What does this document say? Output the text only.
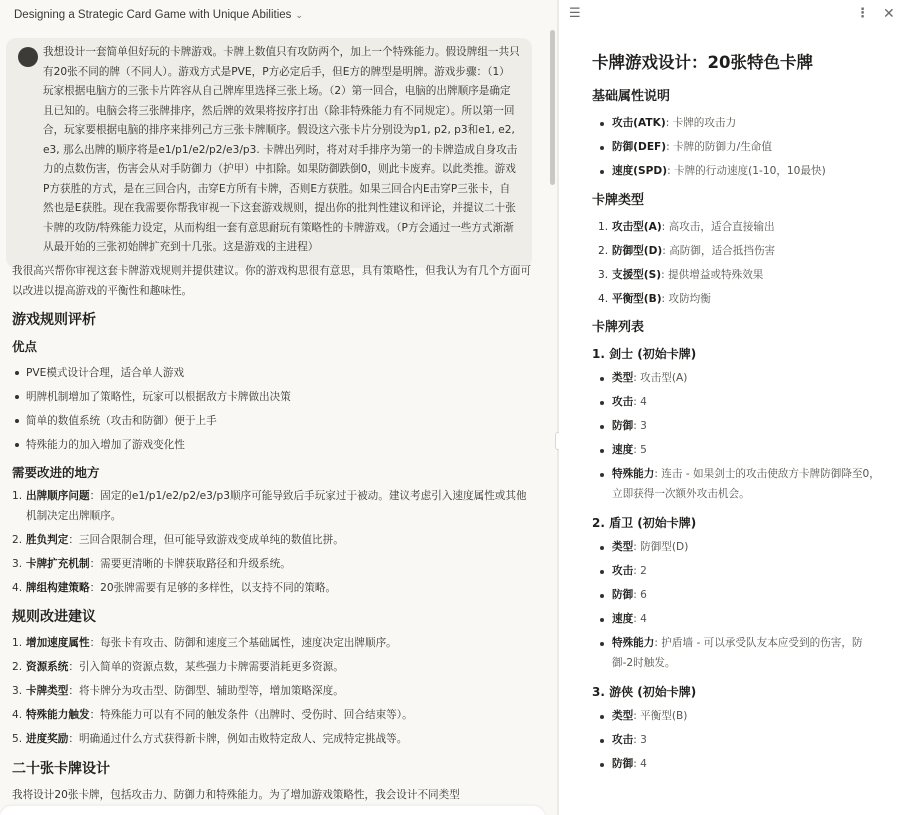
Designing a Strategic Card Game with Unique Abilities ⌄
我想设计一套简单但好玩的卡牌游戏。卡牌上数值只有攻防两个，加上一个特殊能力。假设牌组一共只有20张不同的牌（不同人）。游戏方式是PVE，P方必定后手，但E方的牌型是明牌。游戏步骤：（1）玩家根据电脑方的三张卡片阵容从自己牌库里选择三张上场。（2）第一回合，电脑的出牌顺序是确定且已知的。电脑会将三张牌排序，然后牌的效果将按序打出（除非特殊能力有不同规定）。所以第一回合，玩家要根据电脑的排序来排列己方三张卡牌顺序。假设这六张卡片分别设为p1, p2, p3和e1, e2, e3, 那么出牌的顺序将是e1/p1/e2/p2/e3/p3. 卡牌出列时，将对对手排序为第一的卡牌造成自身攻击力的点数伤害，伤害会从对手防御力（护甲）中扣除。如果防御跌倒0，则此卡废弃。以此类推。游戏P方获胜的方式，是在三回合内，击穿E方所有卡牌，否则E方获胜。如果三回合内E击穿P三张卡，自然也是E获胜。现在我需要你帮我审视一下这套游戏规则，提出你的批判性建议和评论，并提议二十张卡牌的攻防/特殊能力设定，从而构组一套有意思耐玩有策略性的卡牌游戏。（P方会通过一些方式渐渐从最开始的三张初始牌扩充到十几张。这是游戏的主进程）

我很高兴帮你审视这套卡牌游戏规则并提供建议。你的游戏构思很有意思，具有策略性，但我认为有几个方面可以改进以提高游戏的平衡性和趣味性。

游戏规则评析
优点
PVE模式设计合理，适合单人游戏
明牌机制增加了策略性，玩家可以根据敌方卡牌做出决策
简单的数值系统（攻击和防御）便于上手
特殊能力的加入增加了游戏变化性
需要改进的地方
1. 出牌顺序问题：固定的e1/p1/e2/p2/e3/p3顺序可能导致后手玩家过于被动。建议考虑引入速度属性或其他机制决定出牌顺序。
2. 胜负判定：三回合限制合理，但可能导致游戏变成单纯的数值比拼。
3. 卡牌扩充机制：需要更清晰的卡牌获取路径和升级系统。
4. 牌组构建策略：20张牌需要有足够的多样性，以支持不同的策略。
规则改进建议
1. 增加速度属性：每张卡有攻击、防御和速度三个基础属性，速度决定出牌顺序。
2. 资源系统：引入简单的资源点数，某些强力卡牌需要消耗更多资源。
3. 卡牌类型：将卡牌分为攻击型、防御型、辅助型等，增加策略深度。
4. 特殊能力触发：特殊能力可以有不同的触发条件（出牌时、受伤时、回合结束等）。
5. 进度奖励：明确通过什么方式获得新卡牌，例如击败特定敌人、完成特定挑战等。
二十张卡牌设计

我将设计20张卡牌，包括攻击力、防御力和特殊能力。为了增加游戏策略性，我会设计不同类型

☰	⋮ ✕
卡牌游戏设计：20张特色卡牌
基础属性说明
攻击(ATK): 卡牌的攻击力
防御(DEF): 卡牌的防御力/生命值
速度(SPD): 卡牌的行动速度(1-10，10最快)
卡牌类型
1. 攻击型(A): 高攻击，适合直接输出
2. 防御型(D): 高防御，适合抵挡伤害
3. 支援型(S): 提供增益或特殊效果
4. 平衡型(B): 攻防均衡
卡牌列表
1. 剑士 (初始卡牌)
类型: 攻击型(A)
攻击: 4
防御: 3
速度: 5
特殊能力: 连击 - 如果剑士的攻击使敌方卡牌防御降至0，立即获得一次额外攻击机会。
2. 盾卫 (初始卡牌)
类型: 防御型(D)
攻击: 2
防御: 6
速度: 4
特殊能力: 护盾墙 - 可以承受队友本应受到的伤害，防御-2时触发。
3. 游侠 (初始卡牌)
类型: 平衡型(B)
攻击: 3
防御: 4
